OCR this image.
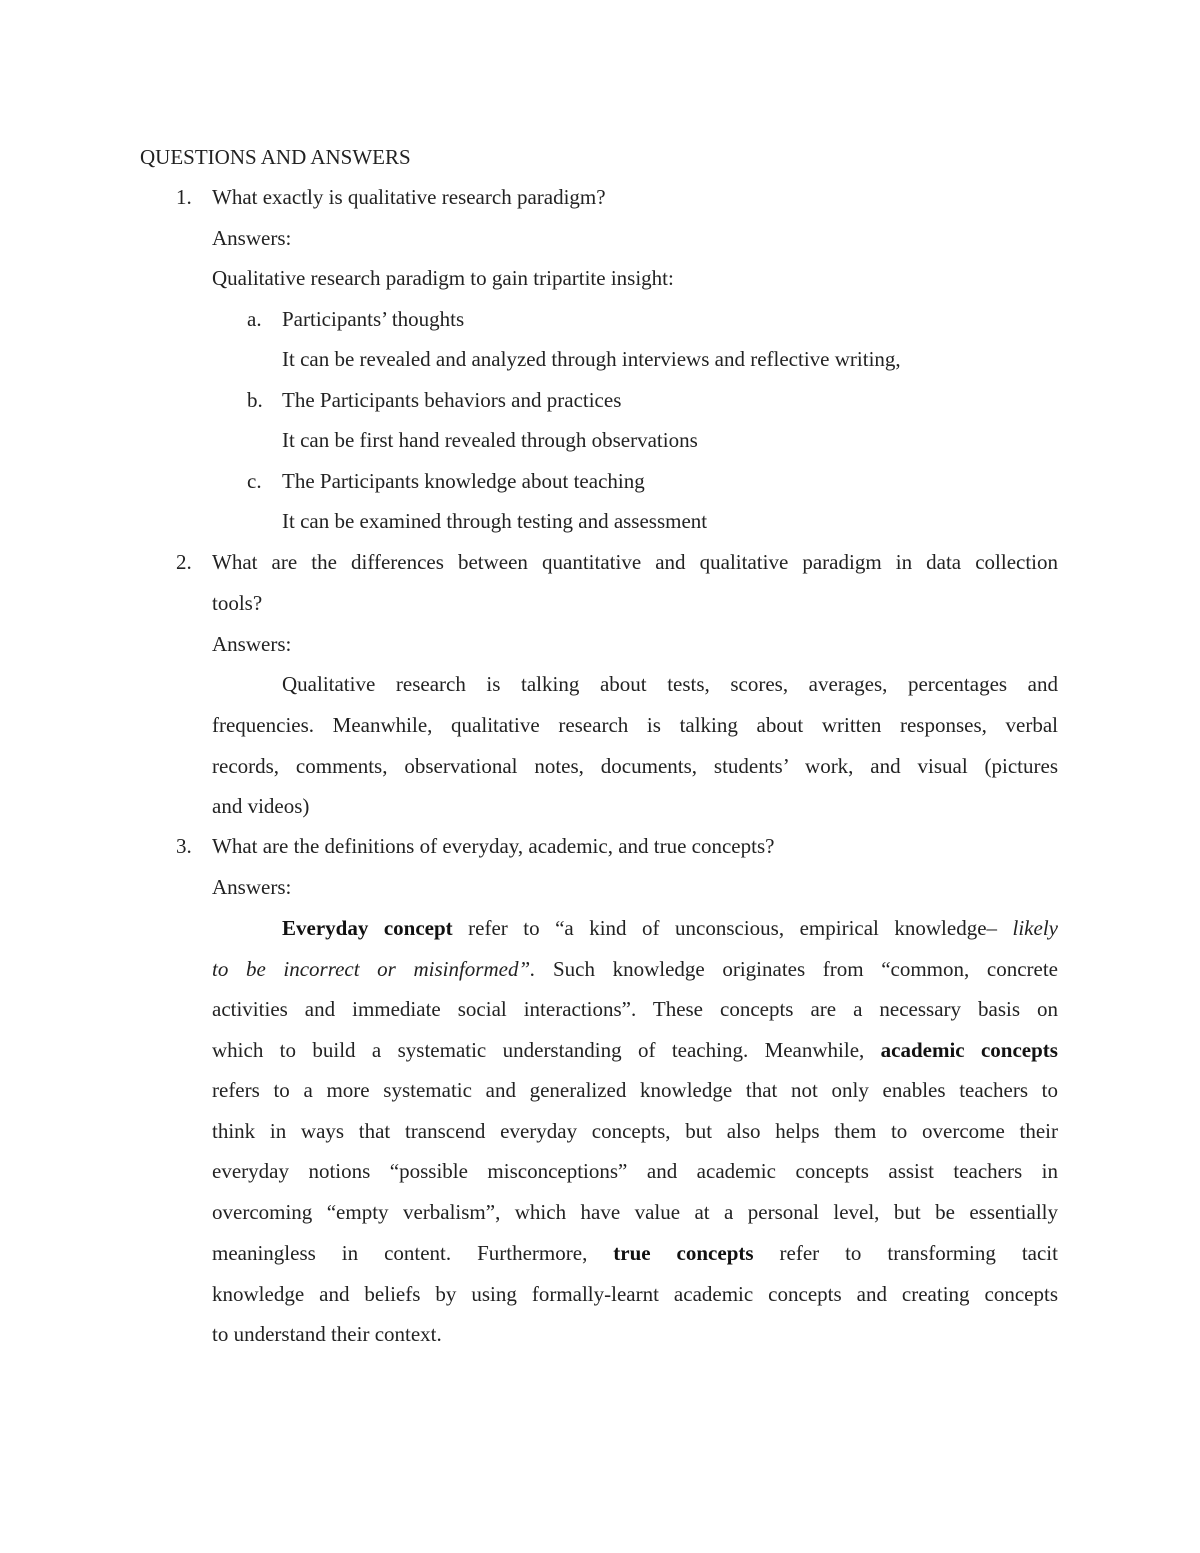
QUESTIONS AND ANSWERS
1. What exactly is qualitative research paradigm?
Answers:
Qualitative research paradigm to gain tripartite insight:
a. Participants’ thoughts
It can be revealed and analyzed through interviews and reflective writing,
b. The Participants behaviors and practices
It can be first hand revealed through observations
c. The Participants knowledge about teaching
It can be examined through testing and assessment
2. What are the differences between quantitative and qualitative paradigm in data collection
tools?
Answers:
Qualitative research is talking about tests, scores, averages, percentages and
frequencies. Meanwhile, qualitative research is talking about written responses, verbal
records, comments, observational notes, documents, students’ work, and visual (pictures
and videos)
3. What are the definitions of everyday, academic, and true concepts?
Answers:
Everyday concept refer to “a kind of unconscious, empirical knowledge– likely
to be incorrect or misinformed”. Such knowledge originates from “common, concrete
activities and immediate social interactions”. These concepts are a necessary basis on
which to build a systematic understanding of teaching. Meanwhile, academic concepts
refers to a more systematic and generalized knowledge that not only enables teachers to
think in ways that transcend everyday concepts, but also helps them to overcome their
everyday notions “possible misconceptions” and academic concepts assist teachers in
overcoming “empty verbalism”, which have value at a personal level, but be essentially
meaningless in content. Furthermore, true concepts refer to transforming tacit
knowledge and beliefs by using formally-learnt academic concepts and creating concepts
to understand their context.
